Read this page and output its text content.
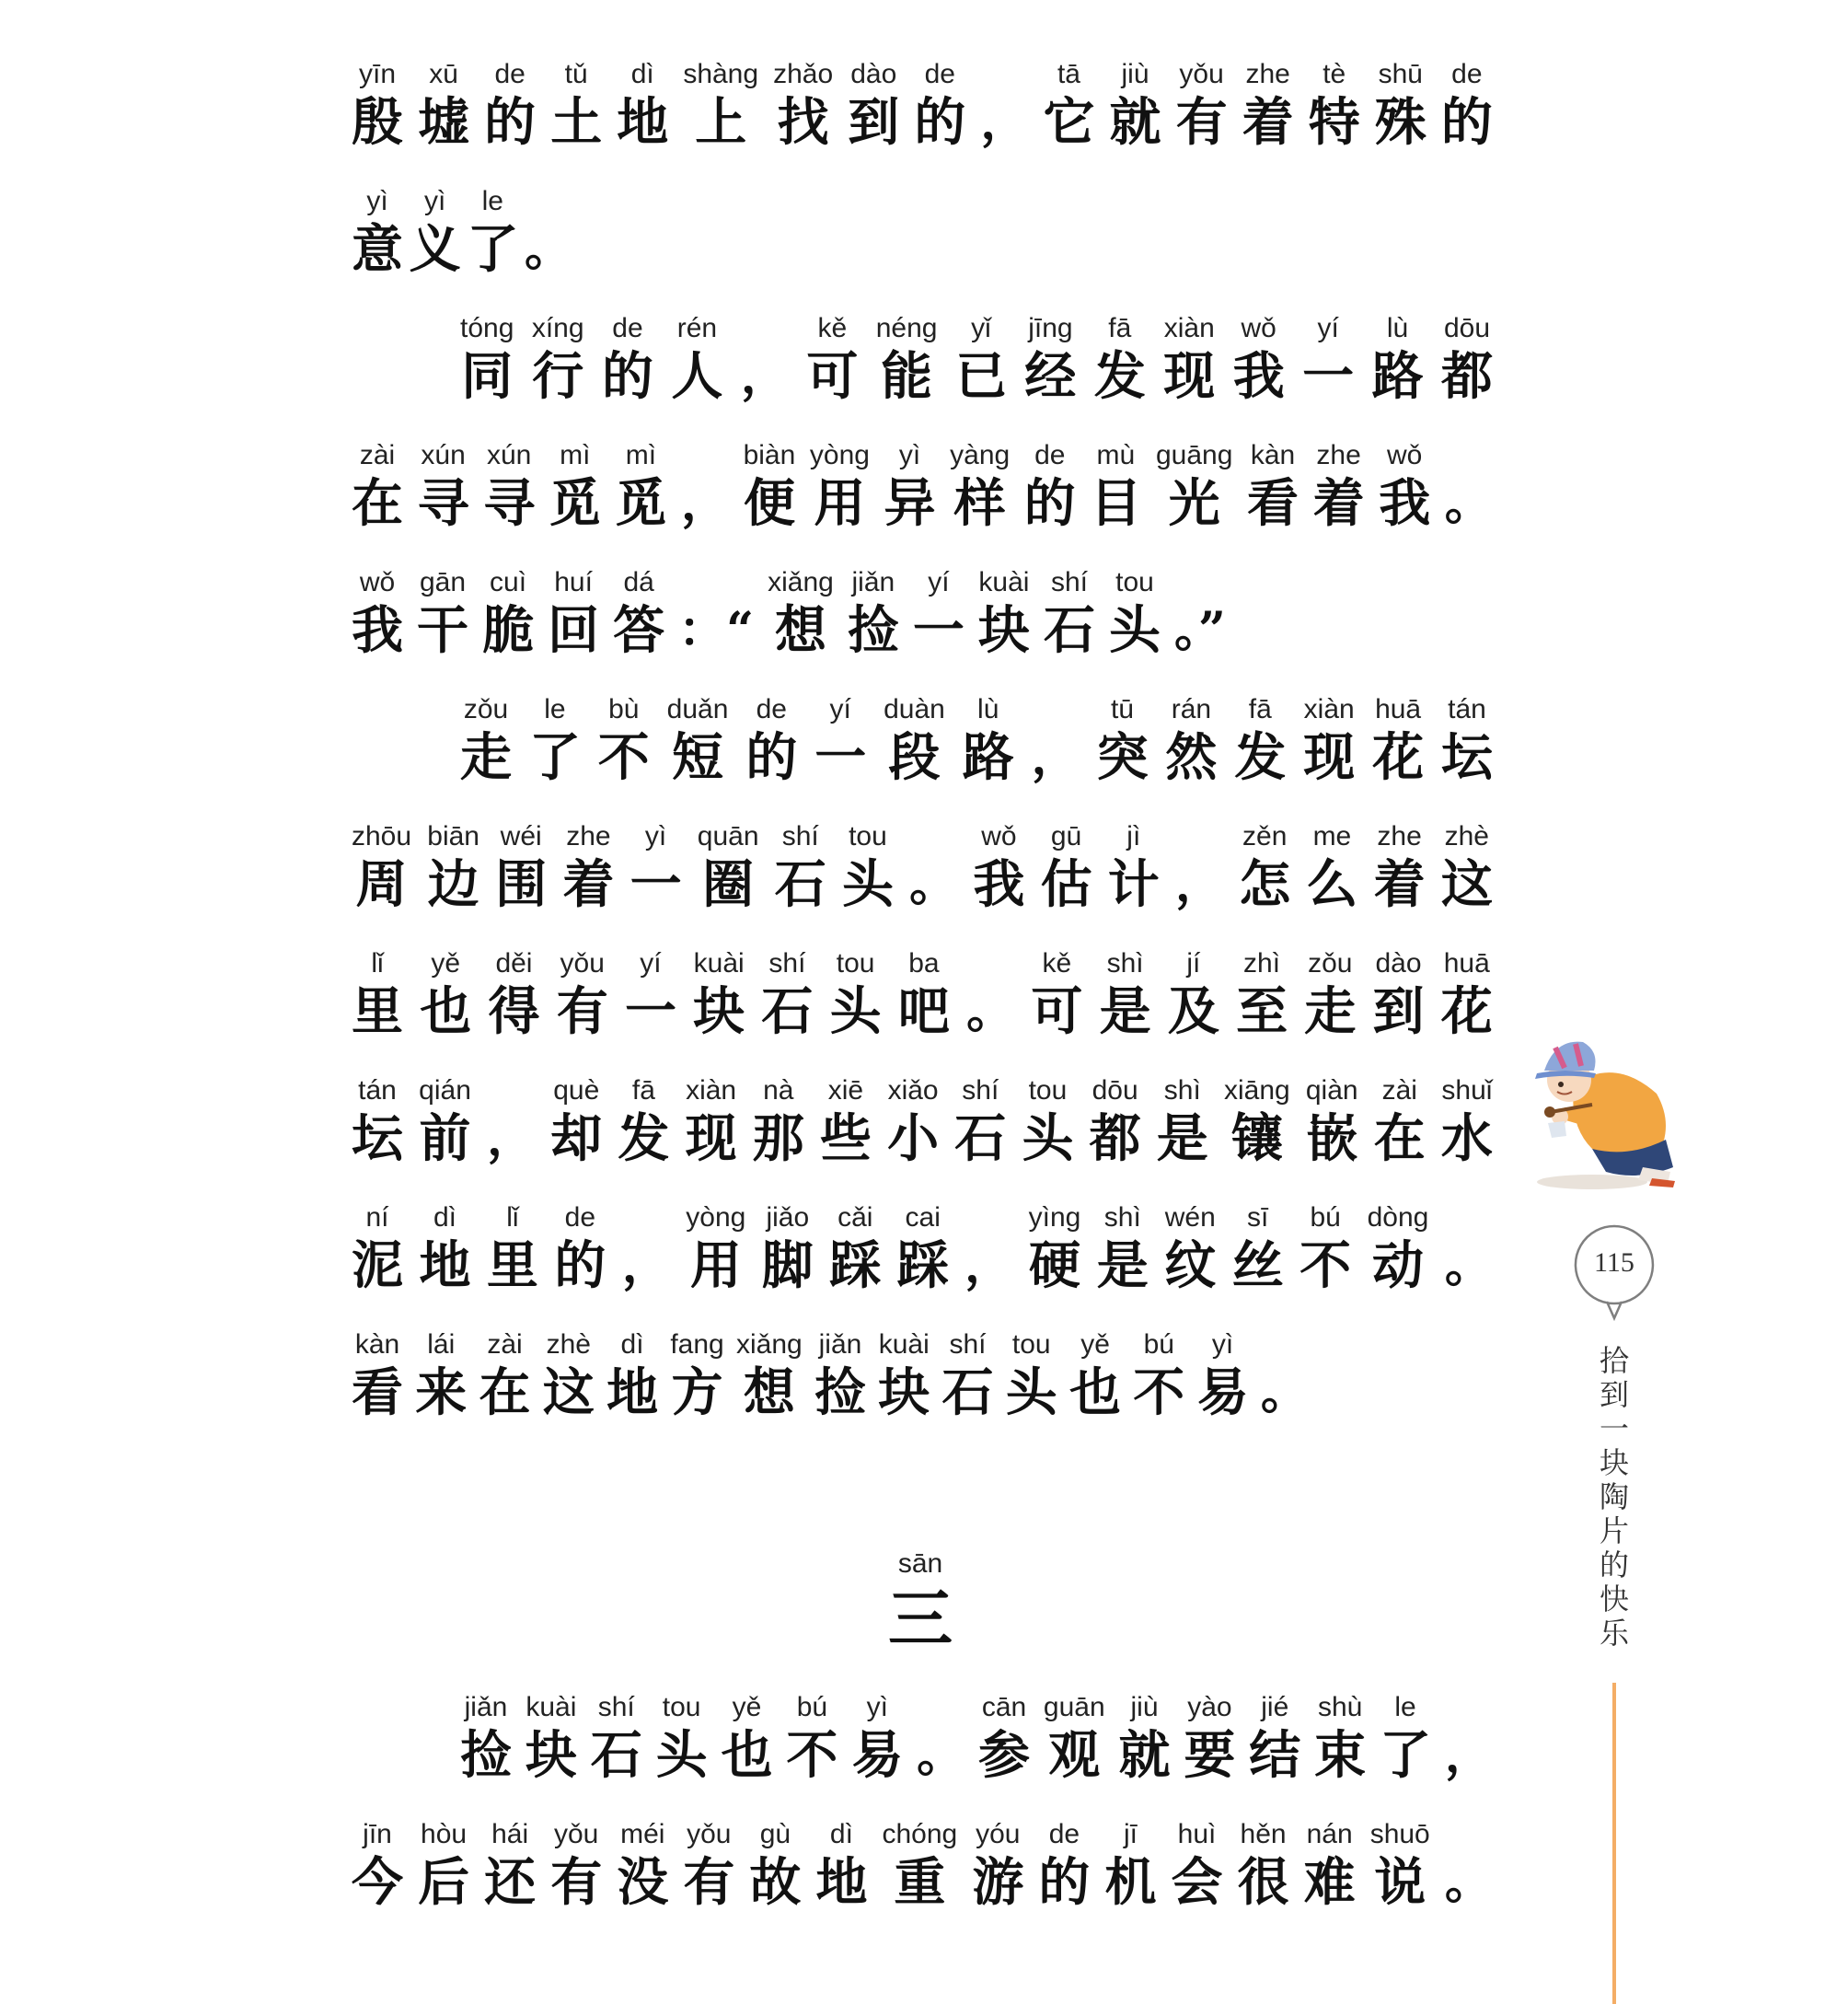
yīn
殷
xū
墟
de
的
tǔ
土
dì
地
shàng
上
zhǎo
找
dào
到
de
的 ，
tā
它
jiù
就
yǒu
有
zhe
着
tè
特
shū
殊
de
的
yì
意
yì
义
le
了 。
tóng
同
xíng
行
de
的
rén
人 ，
kě
可
néng
能
yǐ
已
jīng
经
fā
发
xiàn
现
wǒ
我
yí
一
lù
路
dōu
都
zài
在
xún
寻
xún
寻
mì
觅
mì
觅 ，
biàn
便
yòng
用
yì
异
yàng
样
de
的
mù
目
guāng
光
kàn
看
zhe
着
wǒ
我 。
wǒ
我
gān
干
cuì
脆
huí
回
dá
答 ：“
xiǎng
想
jiǎn
捡
yí
一
kuài
块
shí
石
tou
头 。”
zǒu
走
le
了
bù
不
duǎn
短
de
的
yí
一
duàn
段
lù
路 ，
tū
突
rán
然
fā
发
xiàn
现
huā
花
tán
坛
zhōu
周
biān
边
wéi
围
zhe
着
yì
一
quān
圈
shí
石
tou
头 。
wǒ
我
gū
估
jì
计 ，
zěn
怎
me
么
zhe
着
zhè
这
lǐ
里
yě
也
děi
得
yǒu
有
yí
一
kuài
块
shí
石
tou
头
ba
吧 。
kě
可
shì
是
jí
及
zhì
至
zǒu
走
dào
到
huā
花
tán
坛
qián
前 ，
què
却
fā
发
xiàn
现
nà
那
xiē
些
xiǎo
小
shí
石
tou
头
dōu
都
shì
是
xiāng
镶
qiàn
嵌
zài
在
shuǐ
水
ní
泥
dì
地
lǐ
里
de
的 ，
yòng
用
jiǎo
脚
cǎi
踩
cai
踩 ，
yìng
硬
shì
是
wén
纹
sī
丝
bú
不
dòng
动 。
kàn
看
lái
来
zài
在
zhè
这
dì
地
fang
方
xiǎng
想
jiǎn
捡
kuài
块
shí
石
tou
头
yě
也
bú
不
yì
易 。
sān
三
jiǎn
捡
kuài
块
shí
石
tou
头
yě
也
bú
不
yì
易 。
cān
参
guān
观
jiù
就
yào
要
jié
结
shù
束
le
了 ，
jīn
今
hòu
后
hái
还
yǒu
有
méi
没
yǒu
有
gù
故
dì
地
chóng
重
yóu
游
de
的
jī
机
huì
会
hěn
很
nán
难
shuō
说 。
115
拾
到
一
块
陶
片
的
快
乐
